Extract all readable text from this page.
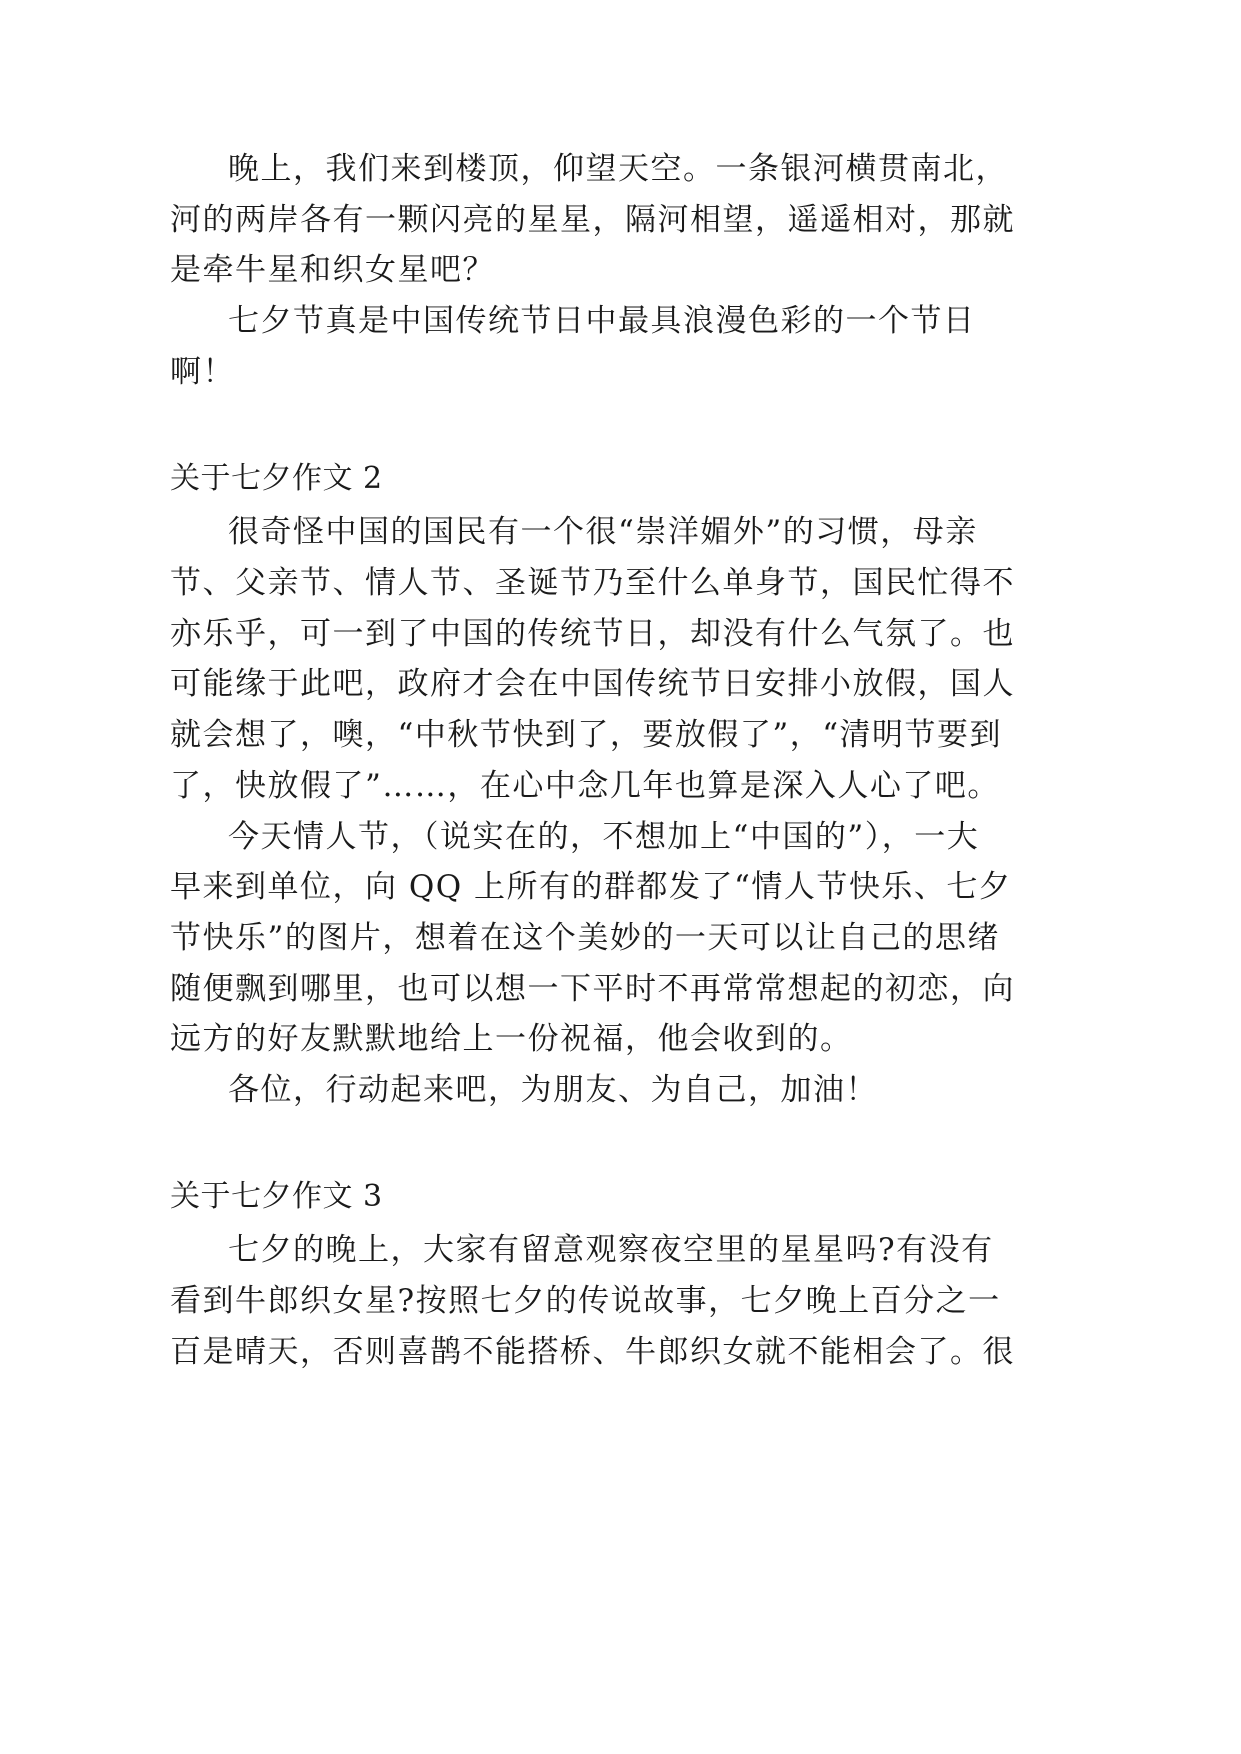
晚上，我们来到楼顶，仰望天空。一条银河横贯南北，
河的两岸各有一颗闪亮的星星，隔河相望，遥遥相对，那就
是牵牛星和织女星吧？
七夕节真是中国传统节日中最具浪漫色彩的一个节日
啊！
关于七夕作文 2
很奇怪中国的国民有一个很“崇洋媚外”的习惯，母亲
节、父亲节、情人节、圣诞节乃至什么单身节，国民忙得不
亦乐乎，可一到了中国的传统节日，却没有什么气氛了。也
可能缘于此吧，政府才会在中国传统节日安排小放假，国人
就会想了，噢，“中秋节快到了，要放假了”，“清明节要到
了，快放假了”……，在心中念几年也算是深入人心了吧。
今天情人节，（说实在的，不想加上“中国的”），一大
早来到单位，向 QQ 上所有的群都发了“情人节快乐、七夕
节快乐”的图片，想着在这个美妙的一天可以让自己的思绪
随便飘到哪里，也可以想一下平时不再常常想起的初恋，向
远方的好友默默地给上一份祝福，他会收到的。
各位，行动起来吧，为朋友、为自己，加油！
关于七夕作文 3
七夕的晚上，大家有留意观察夜空里的星星吗?有没有
看到牛郎织女星?按照七夕的传说故事，七夕晚上百分之一
百是晴天，否则喜鹊不能搭桥、牛郎织女就不能相会了。很
